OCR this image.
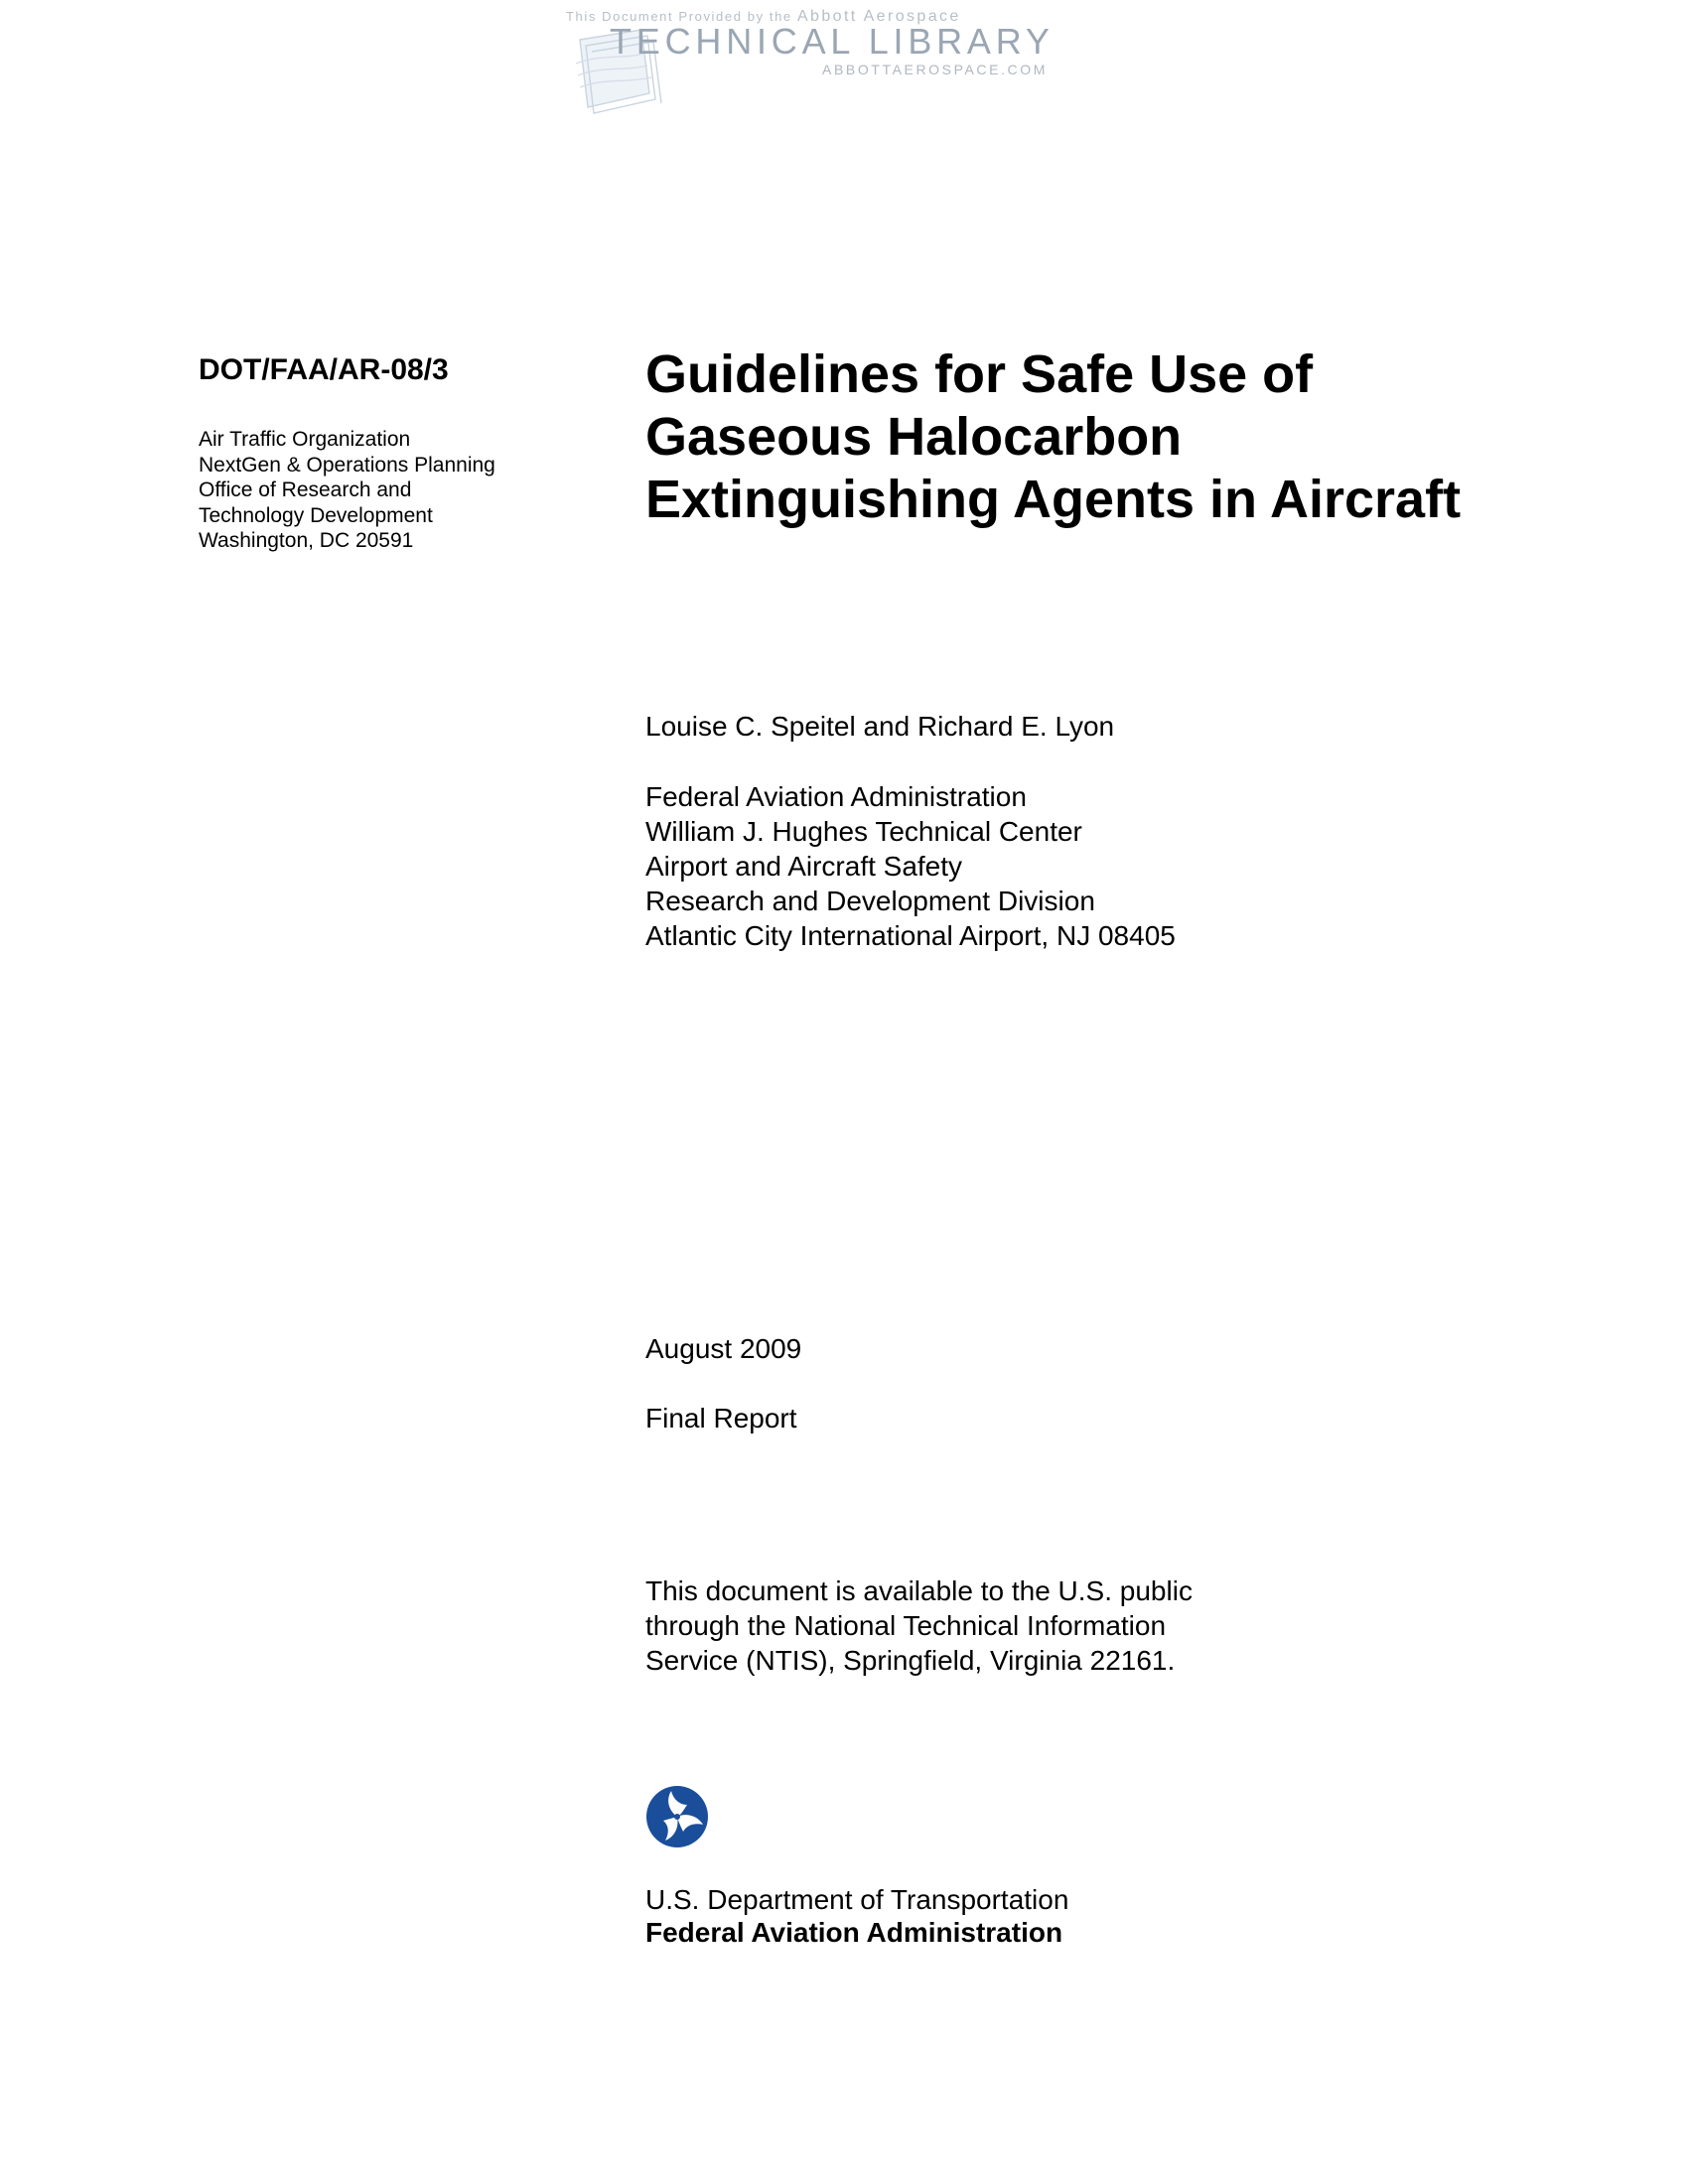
This Document Provided by the Abbott Aerospace
TECHNICAL LIBRARY
ABBOTTAEROSPACE.COM
DOT/FAA/AR-08/3
Air Traffic Organization
NextGen & Operations Planning
Office of Research and
Technology Development
Washington, DC 20591
Guidelines for Safe Use of
Gaseous Halocarbon
Extinguishing Agents in Aircraft
Louise C. Speitel and Richard E. Lyon
Federal Aviation Administration
William J. Hughes Technical Center
Airport and Aircraft Safety
Research and Development Division
Atlantic City International Airport, NJ 08405
August 2009
Final Report
This document is available to the U.S. public
through the National Technical Information
Service (NTIS), Springfield, Virginia 22161.
U.S. Department of Transportation
Federal Aviation Administration
